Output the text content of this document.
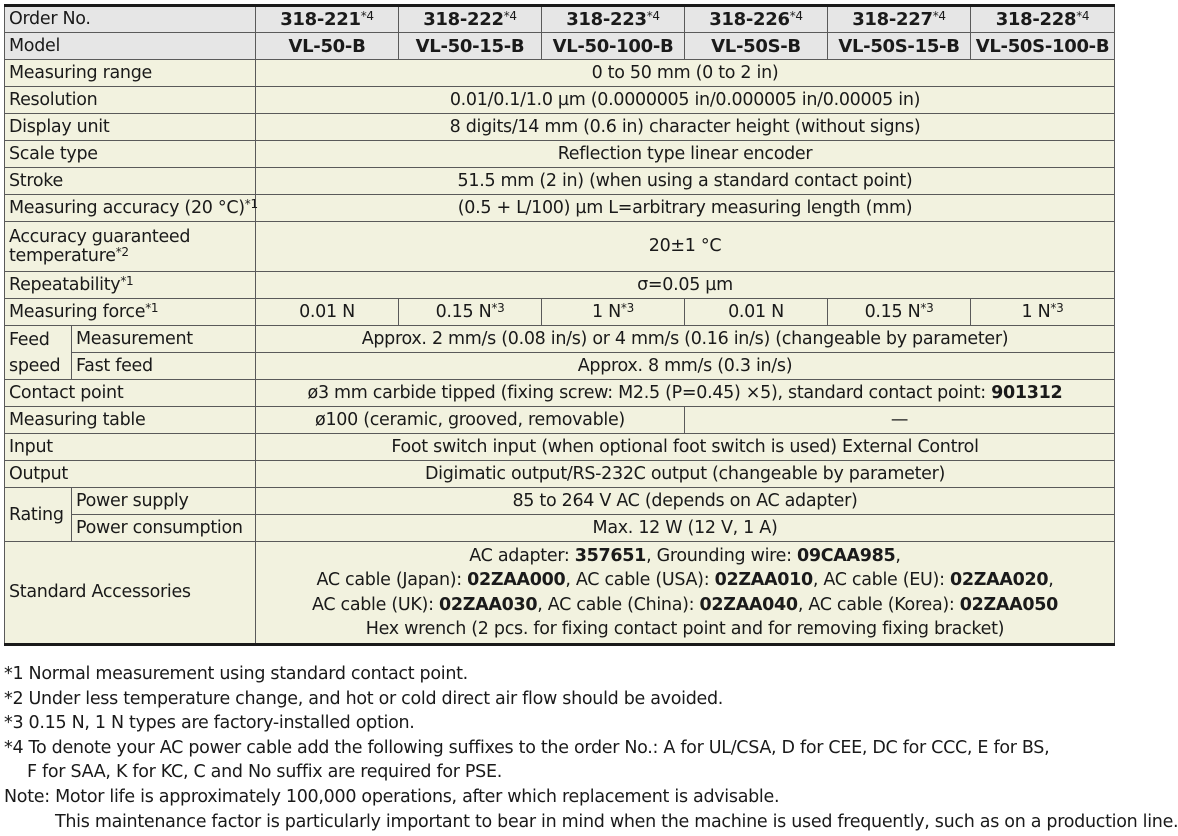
Order No.		318-221$^{*4}$	318-222$^{*4}$	318-223$^{*4}$	318-226$^{*4}$	318-227$^{*4}$	318-228$^{*4}$
Model		VL-50-B	VL-50-15-B	VL-50-100-B	VL-50S-B	VL-50S-15-B	VL-50S-100-B
Measuring range		0 to 50 mm (0 to 2 in)					
Resolution		0.01/0.1/1.0 µm (0.0000005 in/0.000005 in/0.00005 in)					
Display unit		8 digits/14 mm (0.6 in) character height (without signs)					
Scale type		Reflection type linear encoder					
Stroke		51.5 mm (2 in) (when using a standard contact point)					
Measuring accuracy (20 °C)$^{*1}$		(0.5 + L/100) µm L=arbitrary measuring length (mm)					
Accuracy guaranteed
temperature$^{*2}$		20±1 °C					
Repeatability$^{*1}$		σ=0.05 µm					
Measuring force$^{*1}$		0.01 N	0.15 $N^{*3}$	1 $N^{*3}$	0.01 N	0.15 $N^{*3}$	1 $N^{*3}$
Feed
speed	Measurement	Approx. 2 mm/s (0.08 in/s) or 4 mm/s (0.16 in/s) (changeable by parameter)					
	Fast feed	Approx. 8 mm/s (0.3 in/s)					
Contact point		ø3 mm carbide tipped (fixing screw: M2.5 (P=0.45) ×5), standard contact point: 901312					
Measuring table		ø100 (ceramic, grooved, removable)			—		
Input		Foot switch input (when optional foot switch is used) External Control					
Output		Digimatic output/RS-232C output (changeable by parameter)					
Rating	Power supply	85 to 264 V AC (depends on AC adapter)					
	Power consumption	Max. 12 W (12 V, 1 A)					
Standard Accessories		AC adapter: 357651, Grounding wire: 09CAA985,
AC cable (Japan): 02ZAA000, AC cable (USA): 02ZAA010, AC cable (EU): 02ZAA020,
AC cable (UK): 02ZAA030, AC cable (China): 02ZAA040, AC cable (Korea): 02ZAA050
Hex wrench (2 pcs. for fixing contact point and for removing fixing bracket)					
*1 Normal measurement using standard contact point.
*2 Under less temperature change, and hot or cold direct air flow should be avoided.
*3 0.15 N, 1 N types are factory-installed option.
*4 To denote your AC power cable add the following suffixes to the order No.: A for UL/CSA, D for CEE, DC for CCC, E for BS,
F for SAA, K for KC, C and No suffix are required for PSE.
Note: Motor life is approximately 100,000 operations, after which replacement is advisable.
This maintenance factor is particularly important to bear in mind when the machine is used frequently, such as on a production line.
